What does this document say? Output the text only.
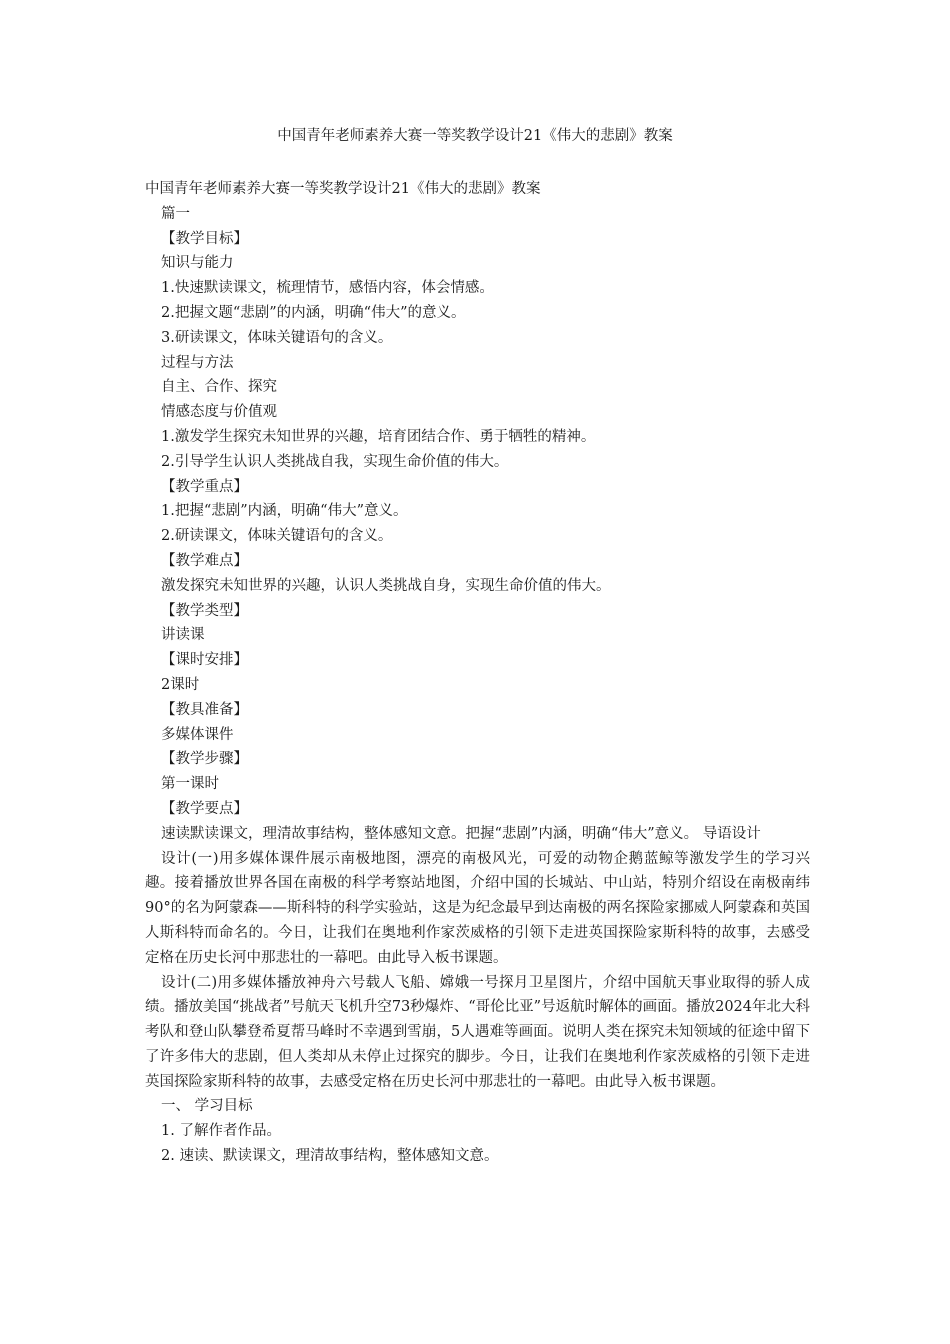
中国青年老师素养大赛一等奖教学设计21《伟大的悲剧》教案

中国青年老师素养大赛一等奖教学设计21《伟大的悲剧》教案

篇一

【教学目标】

知识与能力

1.快速默读课文，梳理情节，感悟内容，体会情感。

2.把握文题“悲剧”的内涵，明确“伟大”的意义。

3.研读课文，体味关键语句的含义。

过程与方法

自主、合作、探究

情感态度与价值观

1.激发学生探究未知世界的兴趣，培育团结合作、勇于牺牲的精神。

2.引导学生认识人类挑战自我，实现生命价值的伟大。

【教学重点】

1.把握“悲剧”内涵，明确“伟大”意义。

2.研读课文，体味关键语句的含义。

【教学难点】

激发探究未知世界的兴趣，认识人类挑战自身，实现生命价值的伟大。

【教学类型】

讲读课

【课时安排】

2课时

【教具准备】

多媒体课件

【教学步骤】

第一课时

【教学要点】

速读默读课文，理清故事结构，整体感知文意。把握“悲剧”内涵，明确“伟大”意义。 导语设计

设计(一)用多媒体课件展示南极地图，漂亮的南极风光，可爱的动物企鹅蓝鲸等激发学生的学习兴趣。接着播放世界各国在南极的科学考察站地图，介绍中国的长城站、中山站，特别介绍设在南极南纬90°的名为阿蒙森——斯科特的科学实验站，这是为纪念最早到达南极的两名探险家挪威人阿蒙森和英国人斯科特而命名的。今日，让我们在奥地利作家茨威格的引领下走进英国探险家斯科特的故事，去感受定格在历史长河中那悲壮的一幕吧。由此导入板书课题。

设计(二)用多媒体播放神舟六号载人飞船、嫦娥一号探月卫星图片，介绍中国航天事业取得的骄人成绩。播放美国“挑战者”号航天飞机升空73秒爆炸、“哥伦比亚”号返航时解体的画面。播放2024年北大科考队和登山队攀登希夏帮马峰时不幸遇到雪崩，5人遇难等画面。说明人类在探究未知领域的征途中留下了许多伟大的悲剧，但人类却从未停止过探究的脚步。今日，让我们在奥地利作家茨威格的引领下走进英国探险家斯科特的故事，去感受定格在历史长河中那悲壮的一幕吧。由此导入板书课题。

一、 学习目标

1. 了解作者作品。

2. 速读、默读课文，理清故事结构，整体感知文意。
